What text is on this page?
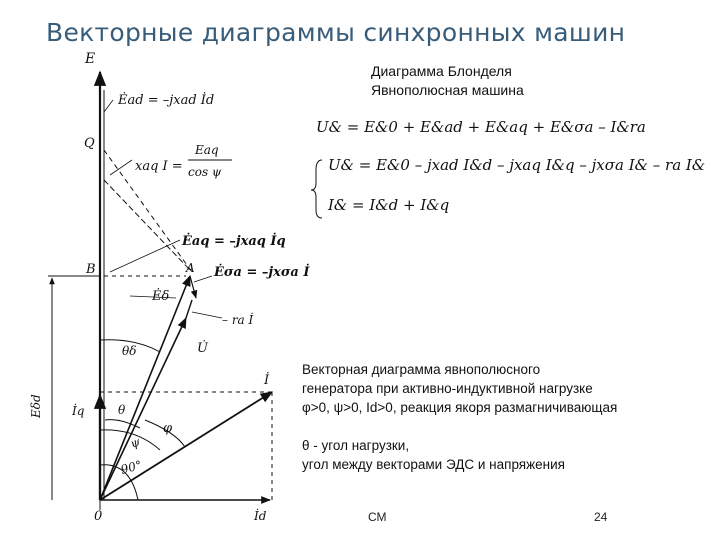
Векторные диаграммы синхронных машин
E
Ėad = –jxad İd
Q
xaq I =
Eaq
cos ψ
Ėaq = –jxaq İq
B	A Ėσa = –jxσa İ
Ėδ
– ra İ
U̇
θδ
İ
İq	θ
φ
ψ
90°
0	İd
Eδd
U& = E&0 + E&ad + E&aq + E&σa – I&ra
U& = E&0 – jxad I&d – jxaq I&q – jxσa I& – ra I&
I& = I&d + I&q
Диаграмма Блонделя
Явнополюсная машина

Векторная диаграмма явнополюсного

генератора при активно-индуктивной нагрузке

φ>0, ψ>0, Id>0, реакция якоря размагничивающая

θ - угол нагрузки,

угол между векторами ЭДС и напряжения

СМ	24
